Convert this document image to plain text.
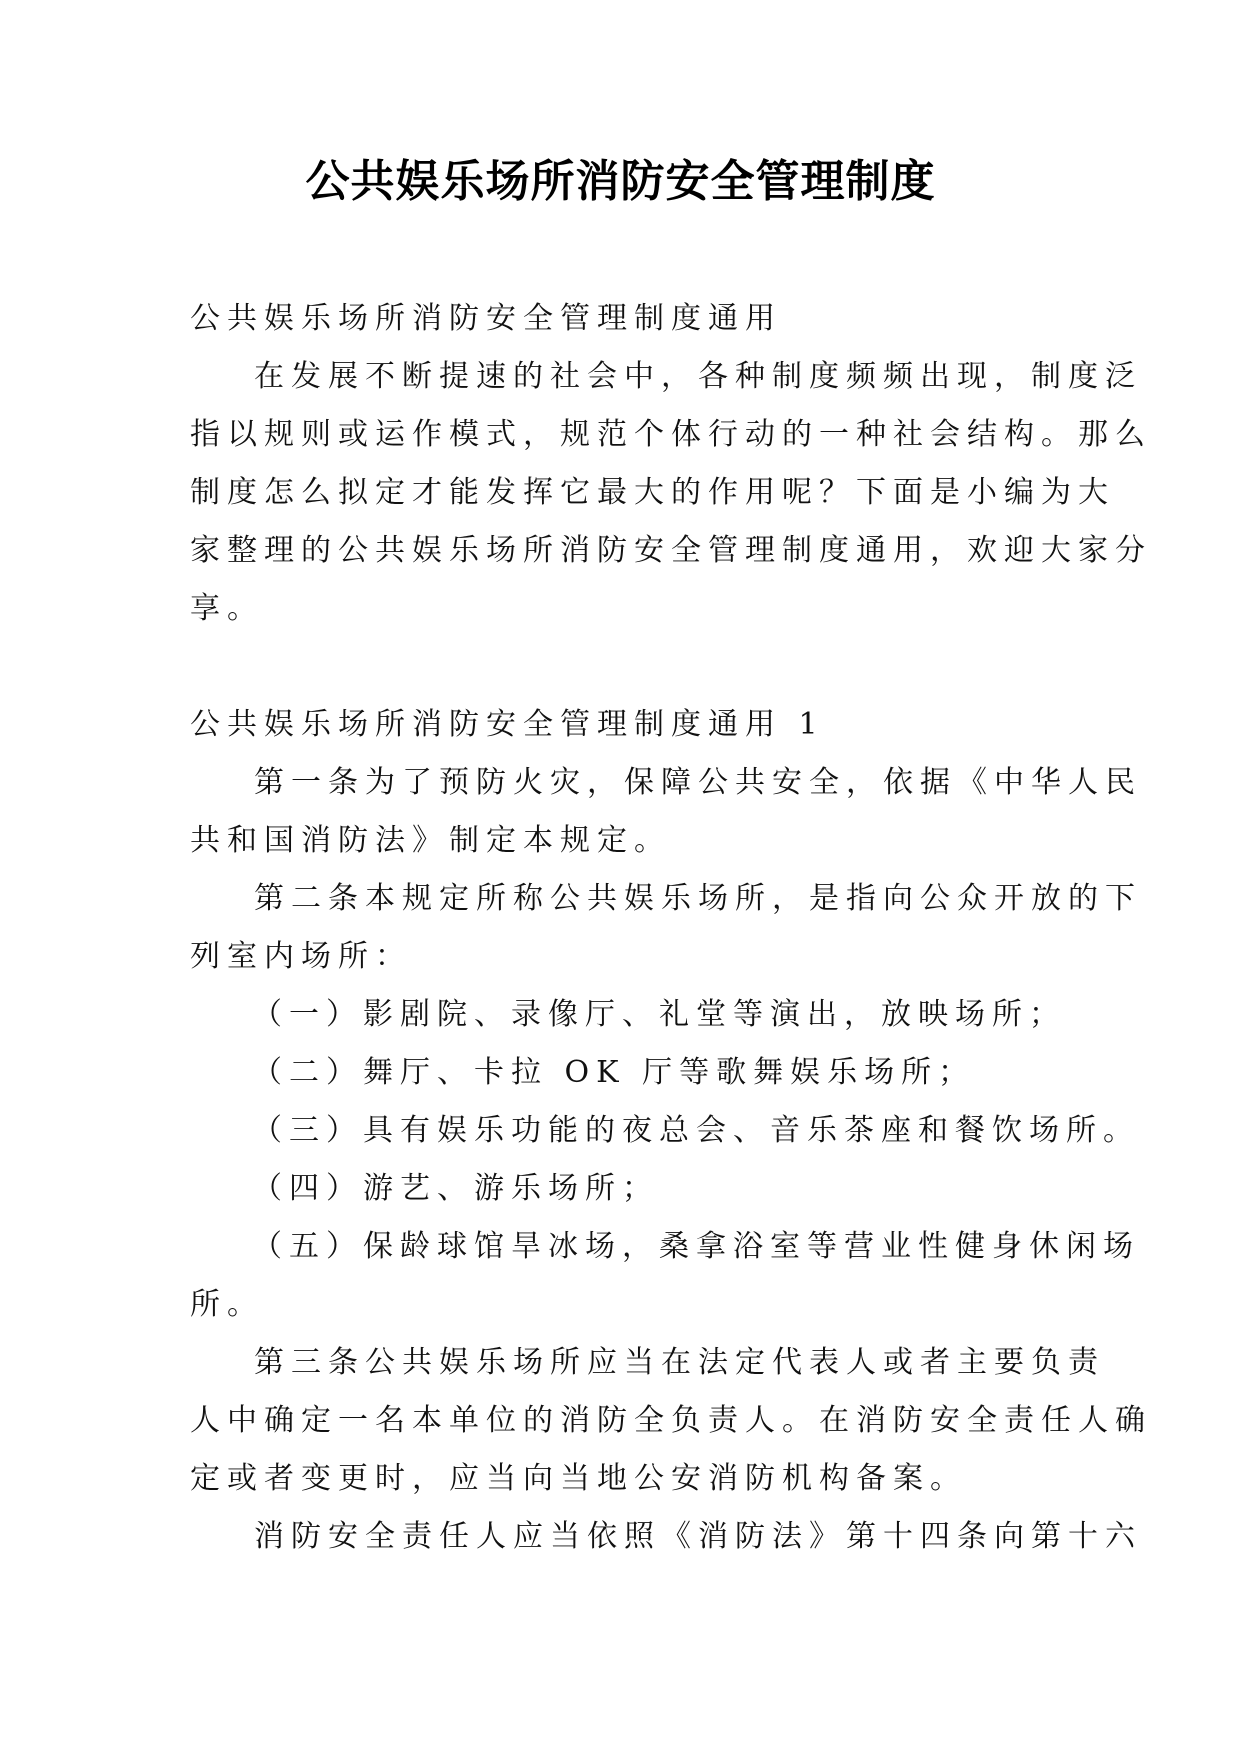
公共娱乐场所消防安全管理制度

公共娱乐场所消防安全管理制度通用

在发展不断提速的社会中，各种制度频频出现，制度泛

指以规则或运作模式，规范个体行动的一种社会结构。那么

制度怎么拟定才能发挥它最大的作用呢？下面是小编为大

家整理的公共娱乐场所消防安全管理制度通用，欢迎大家分

享。

公共娱乐场所消防安全管理制度通用 1

第一条为了预防火灾，保障公共安全，依据《中华人民

共和国消防法》制定本规定。

第二条本规定所称公共娱乐场所，是指向公众开放的下

列室内场所：

（一）影剧院、录像厅、礼堂等演出，放映场所；

（二）舞厅、卡拉 OK 厅等歌舞娱乐场所；

（三）具有娱乐功能的夜总会、音乐茶座和餐饮场所。

（四）游艺、游乐场所；

（五）保龄球馆旱冰场，桑拿浴室等营业性健身休闲场

所。

第三条公共娱乐场所应当在法定代表人或者主要负责

人中确定一名本单位的消防全负责人。在消防安全责任人确

定或者变更时，应当向当地公安消防机构备案。

消防安全责任人应当依照《消防法》第十四条向第十六
